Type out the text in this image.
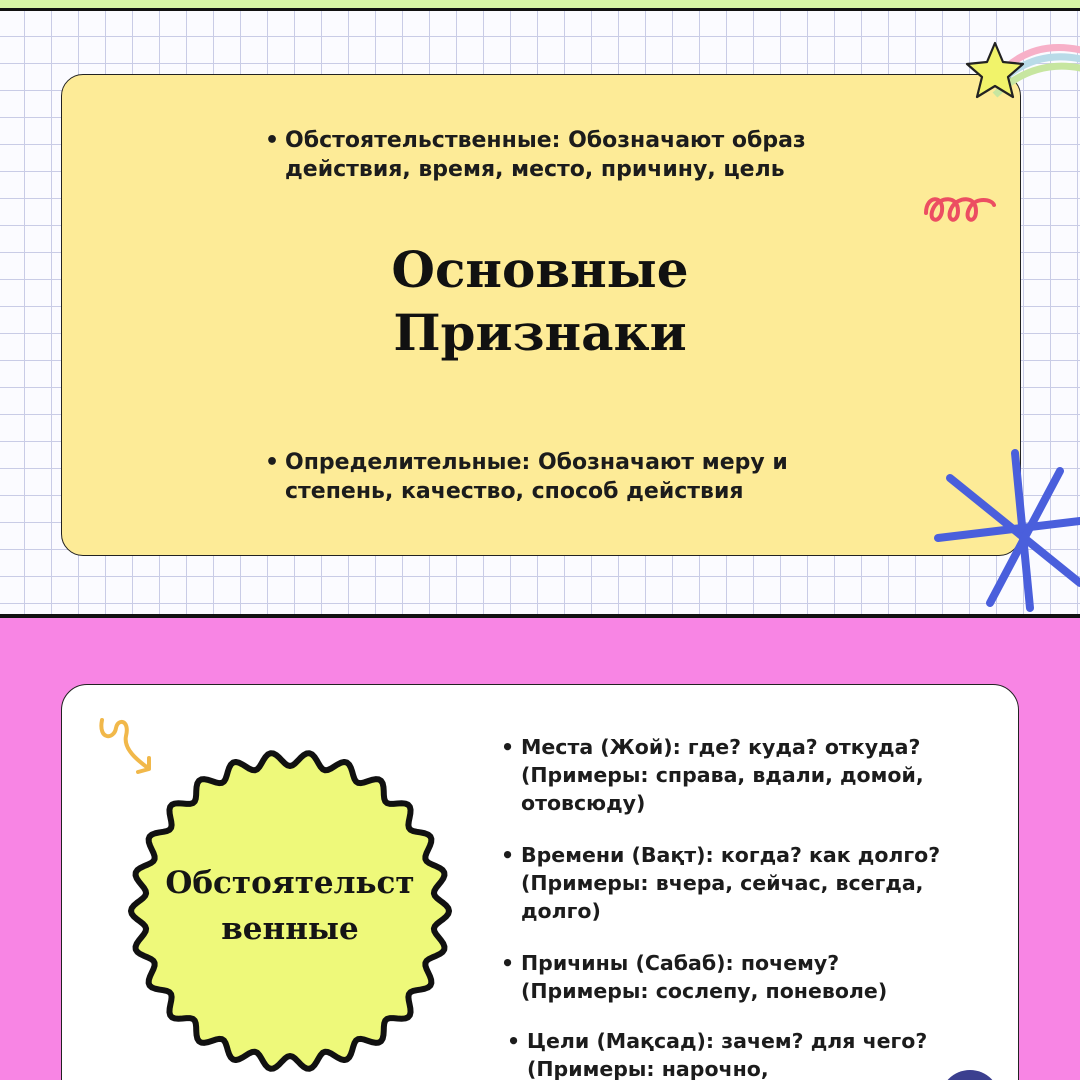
• Обстоятельственные: Обозначают образ действия, время, место, причину, цель
Основные Признаки
• Определительные: Обозначают меру и степень, качество, способ действия
Обстоятельст венные
• Места (Жой): где? куда? откуда? (Примеры: справа, вдали, домой, отовсюду)
• Времени (Вақт): когда? как долго? (Примеры: вчера, сейчас, всегда, долго)
• Причины (Сабаб): почему? (Примеры: сослепу, поневоле)
• Цели (Мақсад): зачем? для чего? (Примеры: нарочно,
